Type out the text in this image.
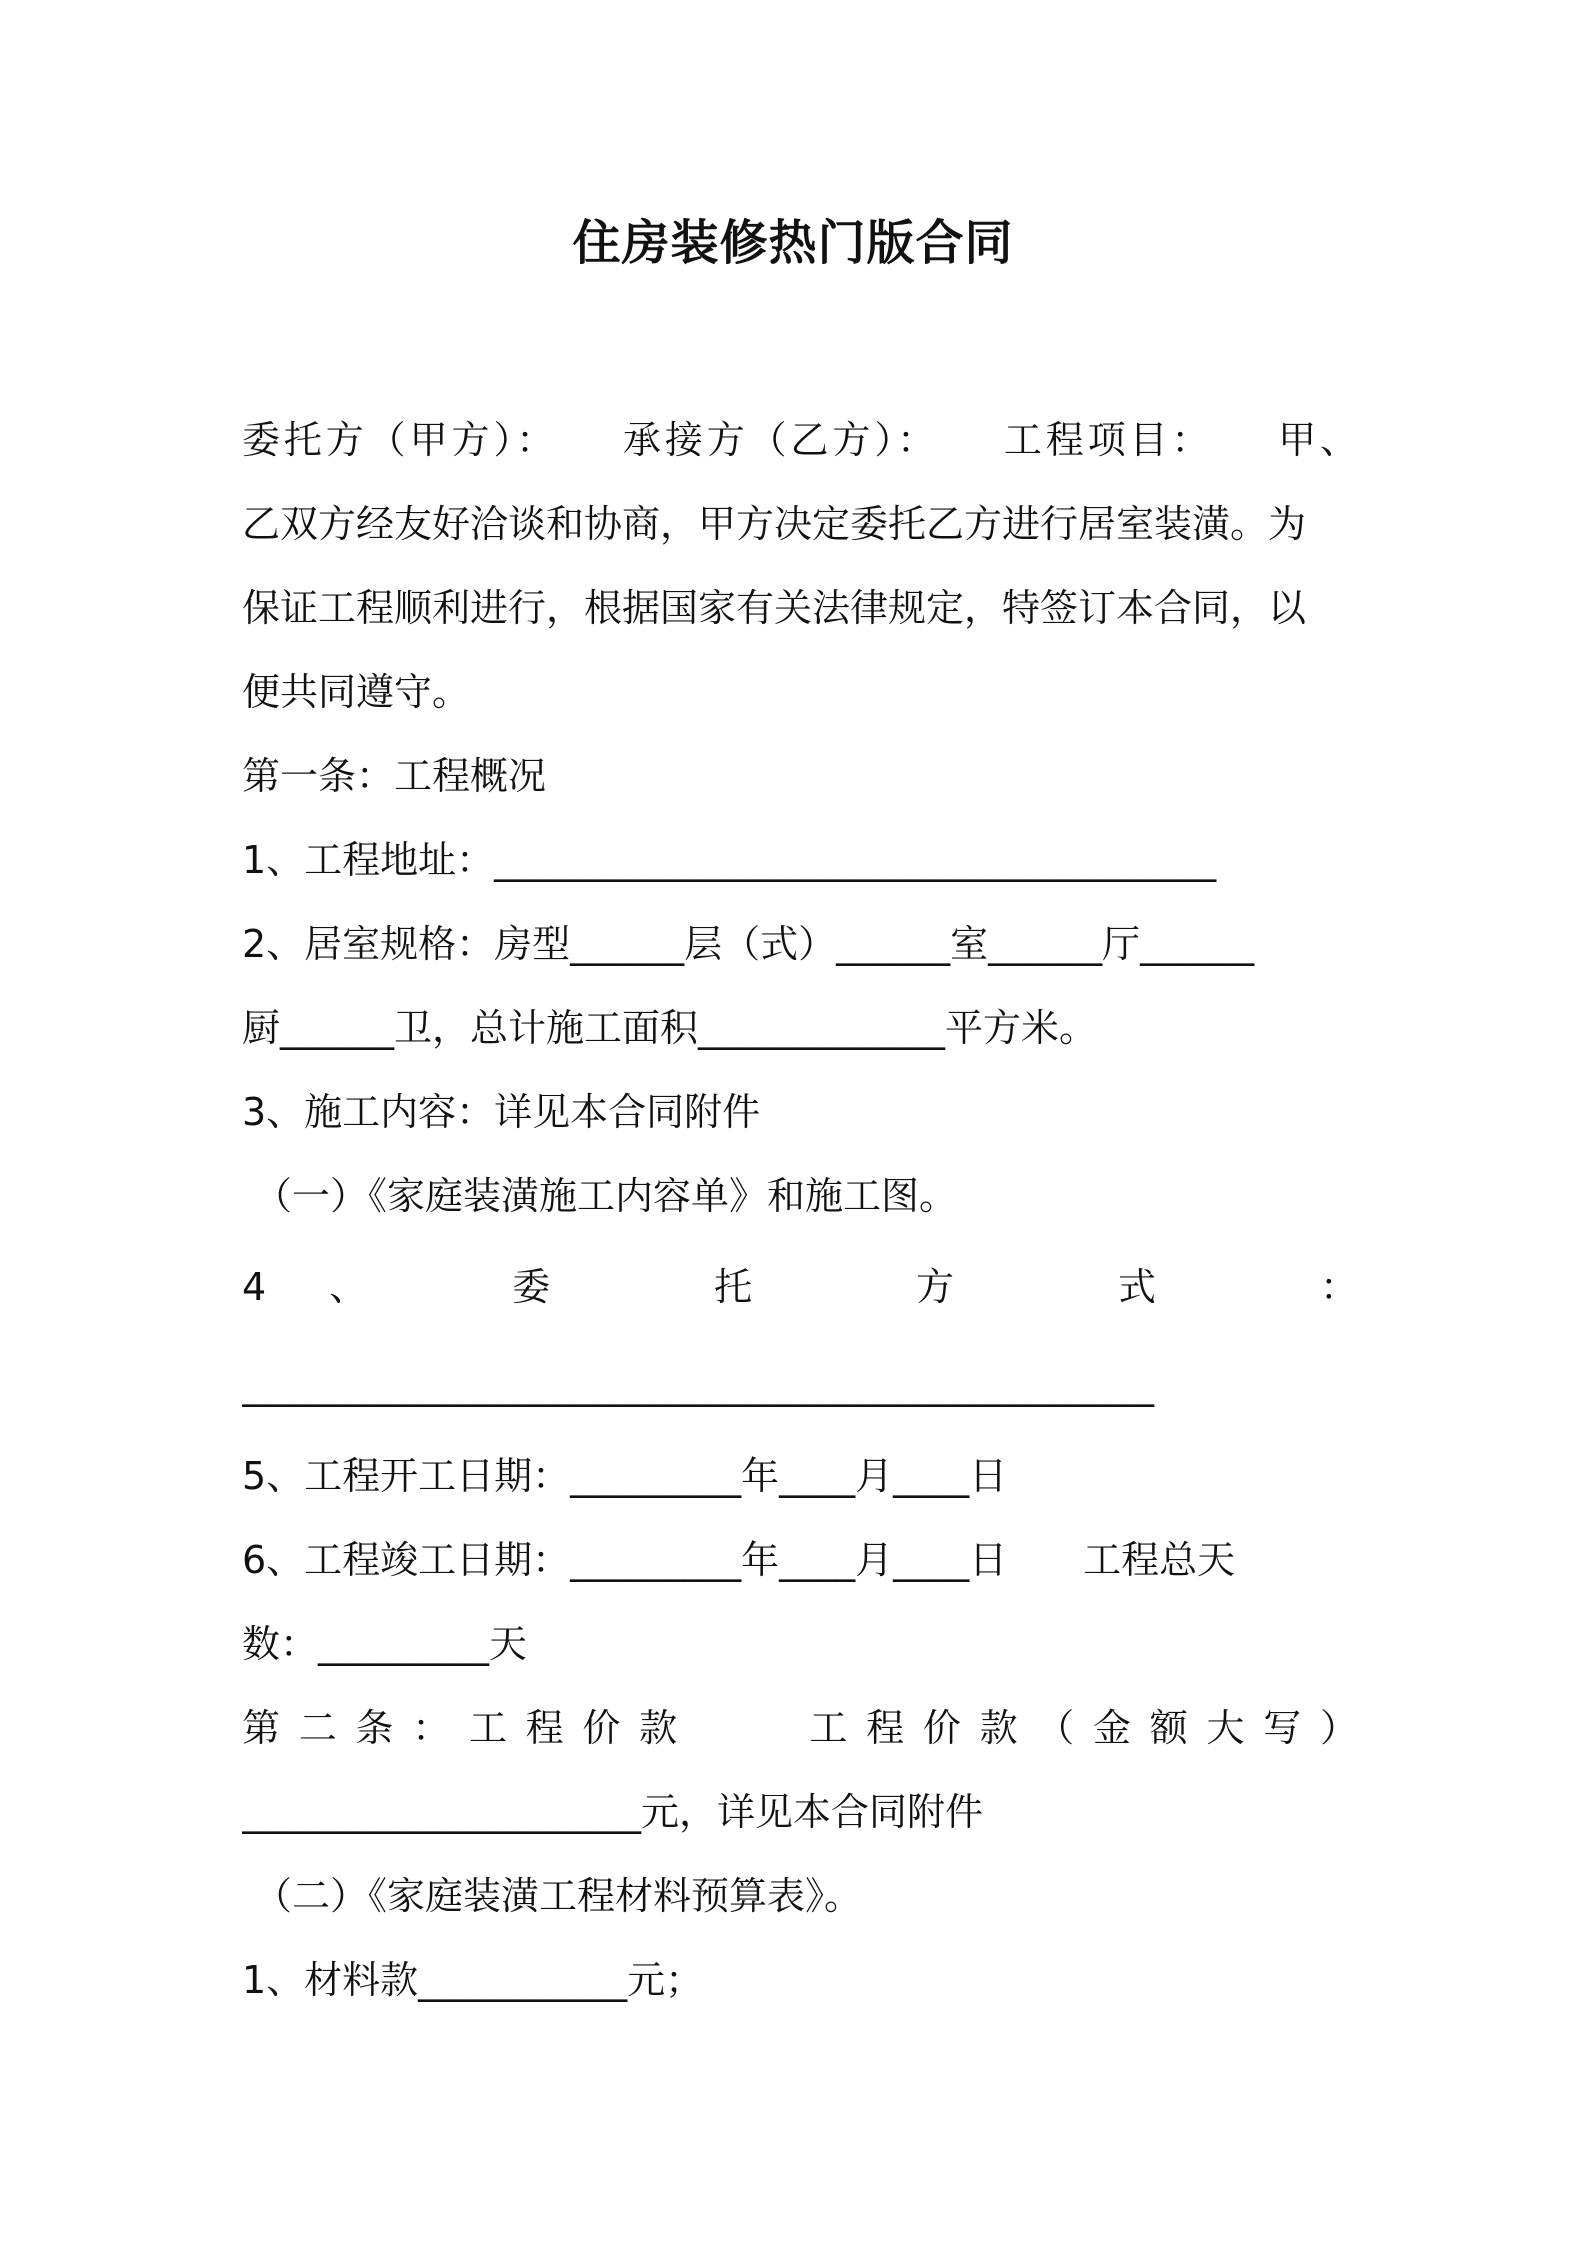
住房装修热门版合同
委托方（甲方）：　　承接方（乙方）：　　工程项目：　　甲、
乙双方经友好洽谈和协商，甲方决定委托乙方进行居室装潢。为
保证工程顺利进行，根据国家有关法律规定，特签订本合同，以
便共同遵守。
第一条：工程概况
1、工程地址：______________________________________
2、居室规格：房型______层（式）______室______厅______
厨______卫，总计施工面积_____________平方米。
3、施工内容：详见本合同附件
（一）《家庭装潢施工内容单》和施工图。
4、　委　托　方　式　：
________________________________________________
5、工程开工日期：_________年____月____日
6、工程竣工日期：_________年____月____日　　工程总天
数：_________天
第二条：工程价款　　工程价款（金额大写）
_____________________元，详见本合同附件
（二）《家庭装潢工程材料预算表》。
1、材料款___________元；
